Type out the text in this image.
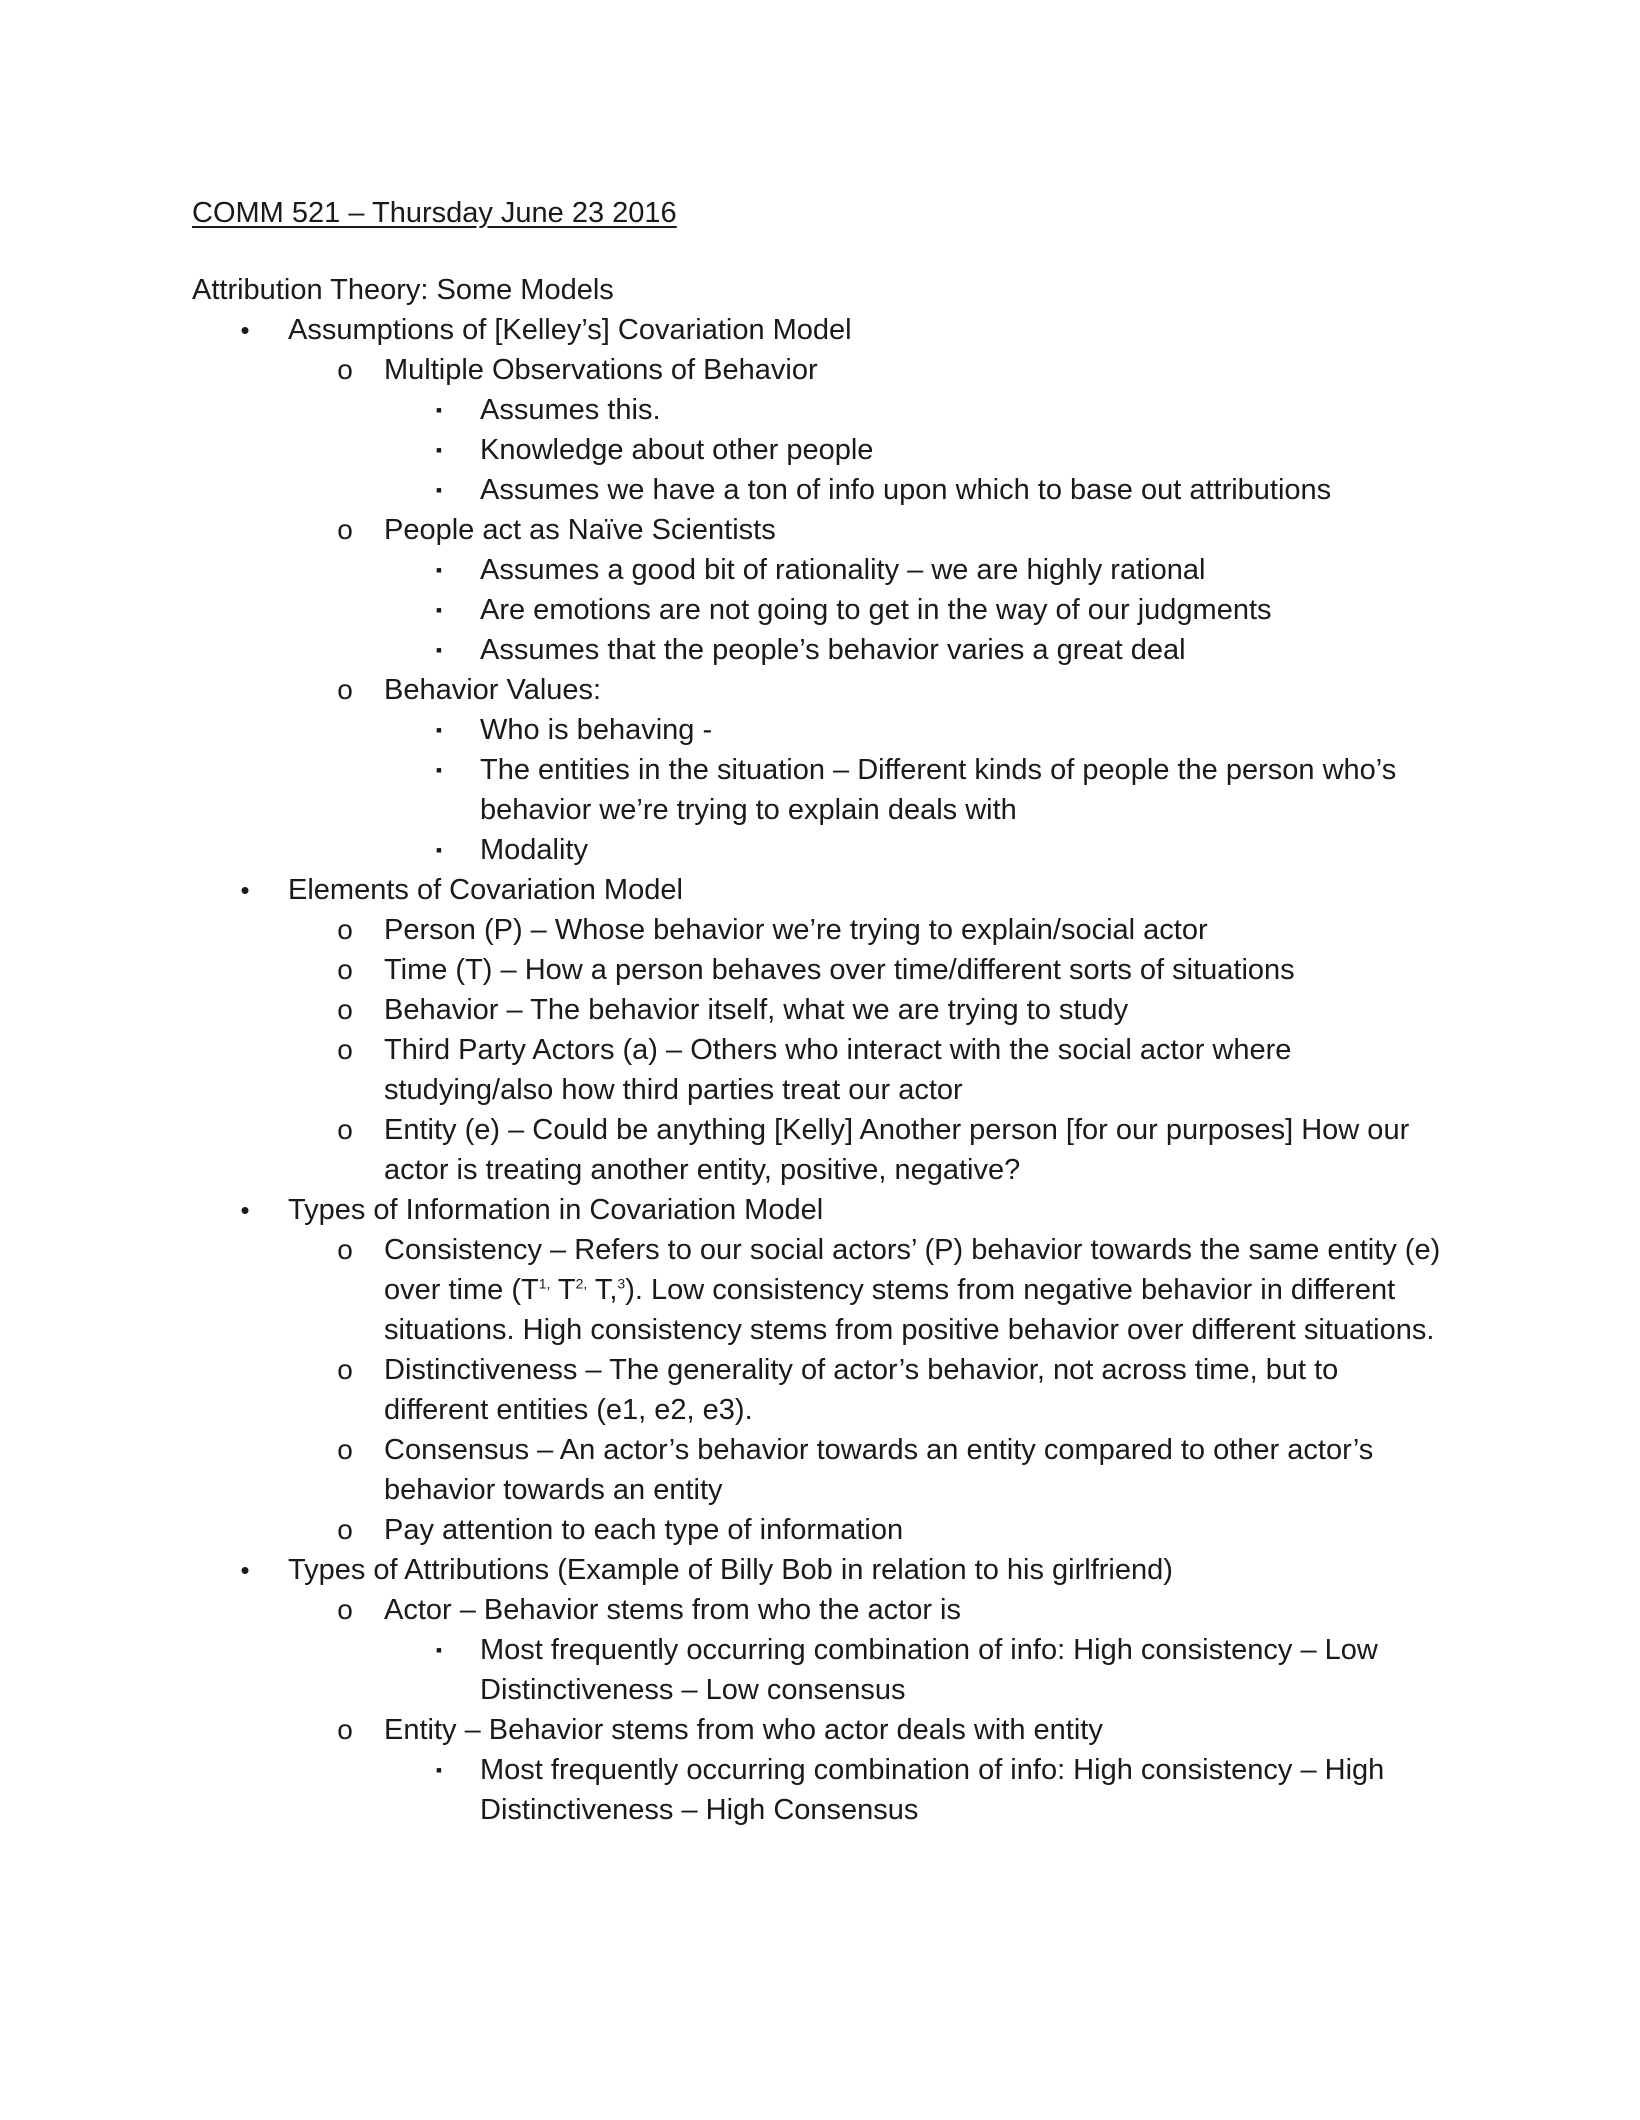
COMM 521 – Thursday June 23 2016
Attribution Theory: Some Models
• Assumptions of [Kelley’s] Covariation Model
o Multiple Observations of Behavior
▪	Assumes this.
▪	Knowledge about other people
▪	Assumes we have a ton of info upon which to base out attributions
o People act as Naïve Scientists
▪	Assumes a good bit of rationality – we are highly rational
▪	Are emotions are not going to get in the way of our judgments
▪	Assumes that the people’s behavior varies a great deal
o Behavior Values:
▪	Who is behaving -
▪	The entities in the situation – Different kinds of people the person who’s behavior we’re trying to explain deals with
▪	Modality
• Elements of Covariation Model
o Person (P) – Whose behavior we’re trying to explain/social actor
o Time (T) – How a person behaves over time/different sorts of situations
o Behavior – The behavior itself, what we are trying to study
o Third Party Actors (a) – Others who interact with the social actor where studying/also how third parties treat our actor
o Entity (e) – Could be anything [Kelly] Another person [for our purposes] How our actor is treating another entity, positive, negative?
• Types of Information in Covariation Model
o Consistency – Refers to our social actors’ (P) behavior towards the same entity (e) over time ($T^{1,}$ $T^{2,}$ T,$^3$). Low consistency stems from negative behavior in different situations. High consistency stems from positive behavior over different situations.
o Distinctiveness – The generality of actor’s behavior, not across time, but to different entities (e1, e2, e3).
o Consensus – An actor’s behavior towards an entity compared to other actor’s behavior towards an entity
o Pay attention to each type of information
• Types of Attributions (Example of Billy Bob in relation to his girlfriend)
o Actor – Behavior stems from who the actor is
▪	Most frequently occurring combination of info: High consistency – Low Distinctiveness – Low consensus
o Entity – Behavior stems from who actor deals with entity
▪	Most frequently occurring combination of info: High consistency – High Distinctiveness – High Consensus
